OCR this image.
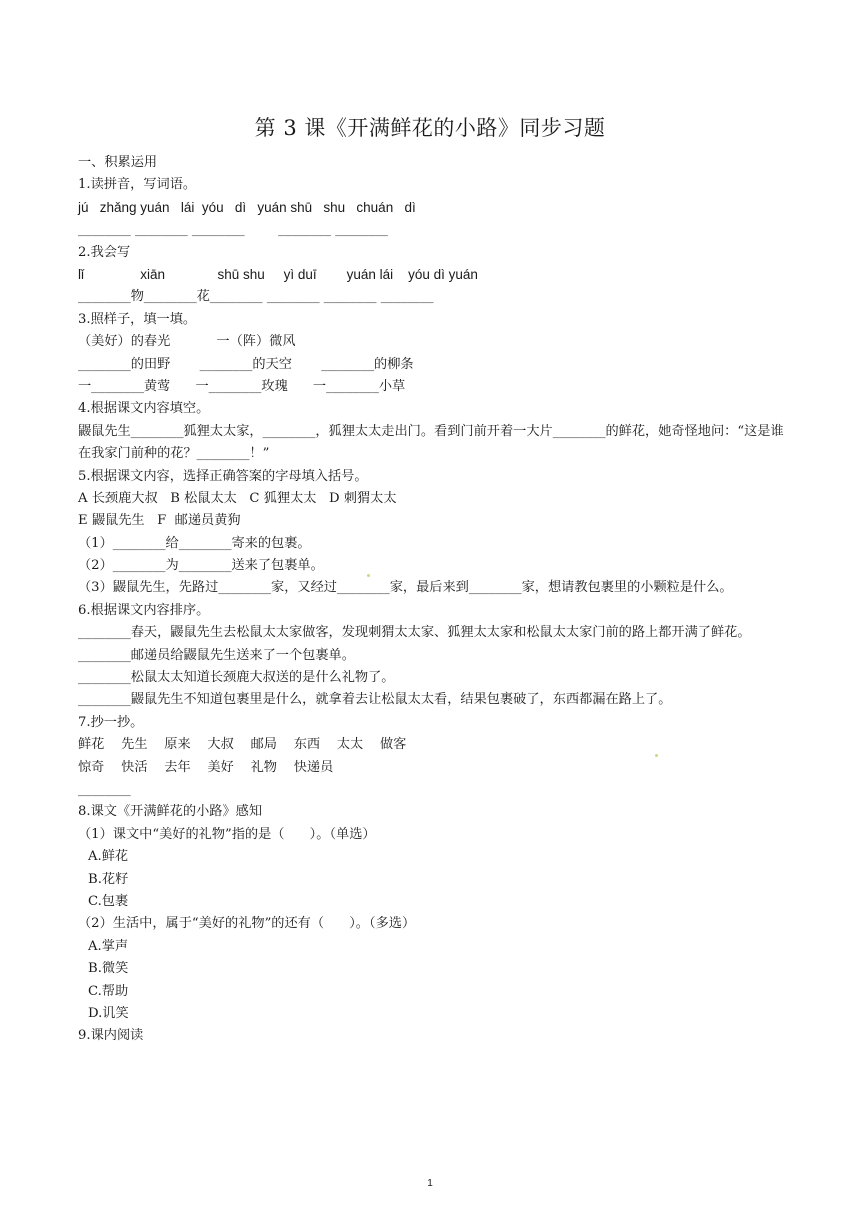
第 3 课《开满鲜花的小路》同步习题
一、积累运用
1.读拼音，写词语。
jú   zhǎng yuán   lái  yóu   dì   yuán shū   shu   chuán   dì
________ ________ ________        ________ ________
2.我会写
lǐ               xiān              shū shu     yì duī        yuán lái    yóu dì yuán
________物________花________ ________ ________ ________
3.照样子，填一填。
（美好）的春光           一（阵）微风
________的田野       ________的天空       ________的柳条
一________黄莺      一________玫瑰      一________小草
4.根据课文内容填空。
鼹鼠先生________狐狸太太家，________，狐狸太太走出门。看到门前开着一大片________的鲜花，她奇怪地问：“这是谁在我家门前种的花？________！”
5.根据课文内容，选择正确答案的字母填入括号。
A 长颈鹿大叔   B 松鼠太太   C 狐狸太太   D 刺猬太太
E 鼹鼠先生   F  邮递员黄狗
（1）________给________寄来的包裹。
（2）________为________送来了包裹单。
（3）鼹鼠先生，先路过________家，又经过________家，最后来到________家，想请教包裹里的小颗粒是什么。
6.根据课文内容排序。
________春天，鼹鼠先生去松鼠太太家做客，发现刺猬太太家、狐狸太太家和松鼠太太家门前的路上都开满了鲜花。
________邮递员给鼹鼠先生送来了一个包裹单。
________松鼠太太知道长颈鹿大叔送的是什么礼物了。
________鼹鼠先生不知道包裹里是什么，就拿着去让松鼠太太看，结果包裹破了，东西都漏在路上了。
7.抄一抄。
鲜花    先生    原来    大叔    邮局    东西    太太    做客
惊奇    快活    去年    美好    礼物    快递员
________
8.课文《开满鲜花的小路》感知
（1）课文中“美好的礼物”指的是（      ）。（单选）
A.鲜花
B.花籽
C.包裹
（2）生活中，属于“美好的礼物”的还有（      ）。（多选）
A.掌声
B.微笑
C.帮助
D.讥笑
9.课内阅读
1
